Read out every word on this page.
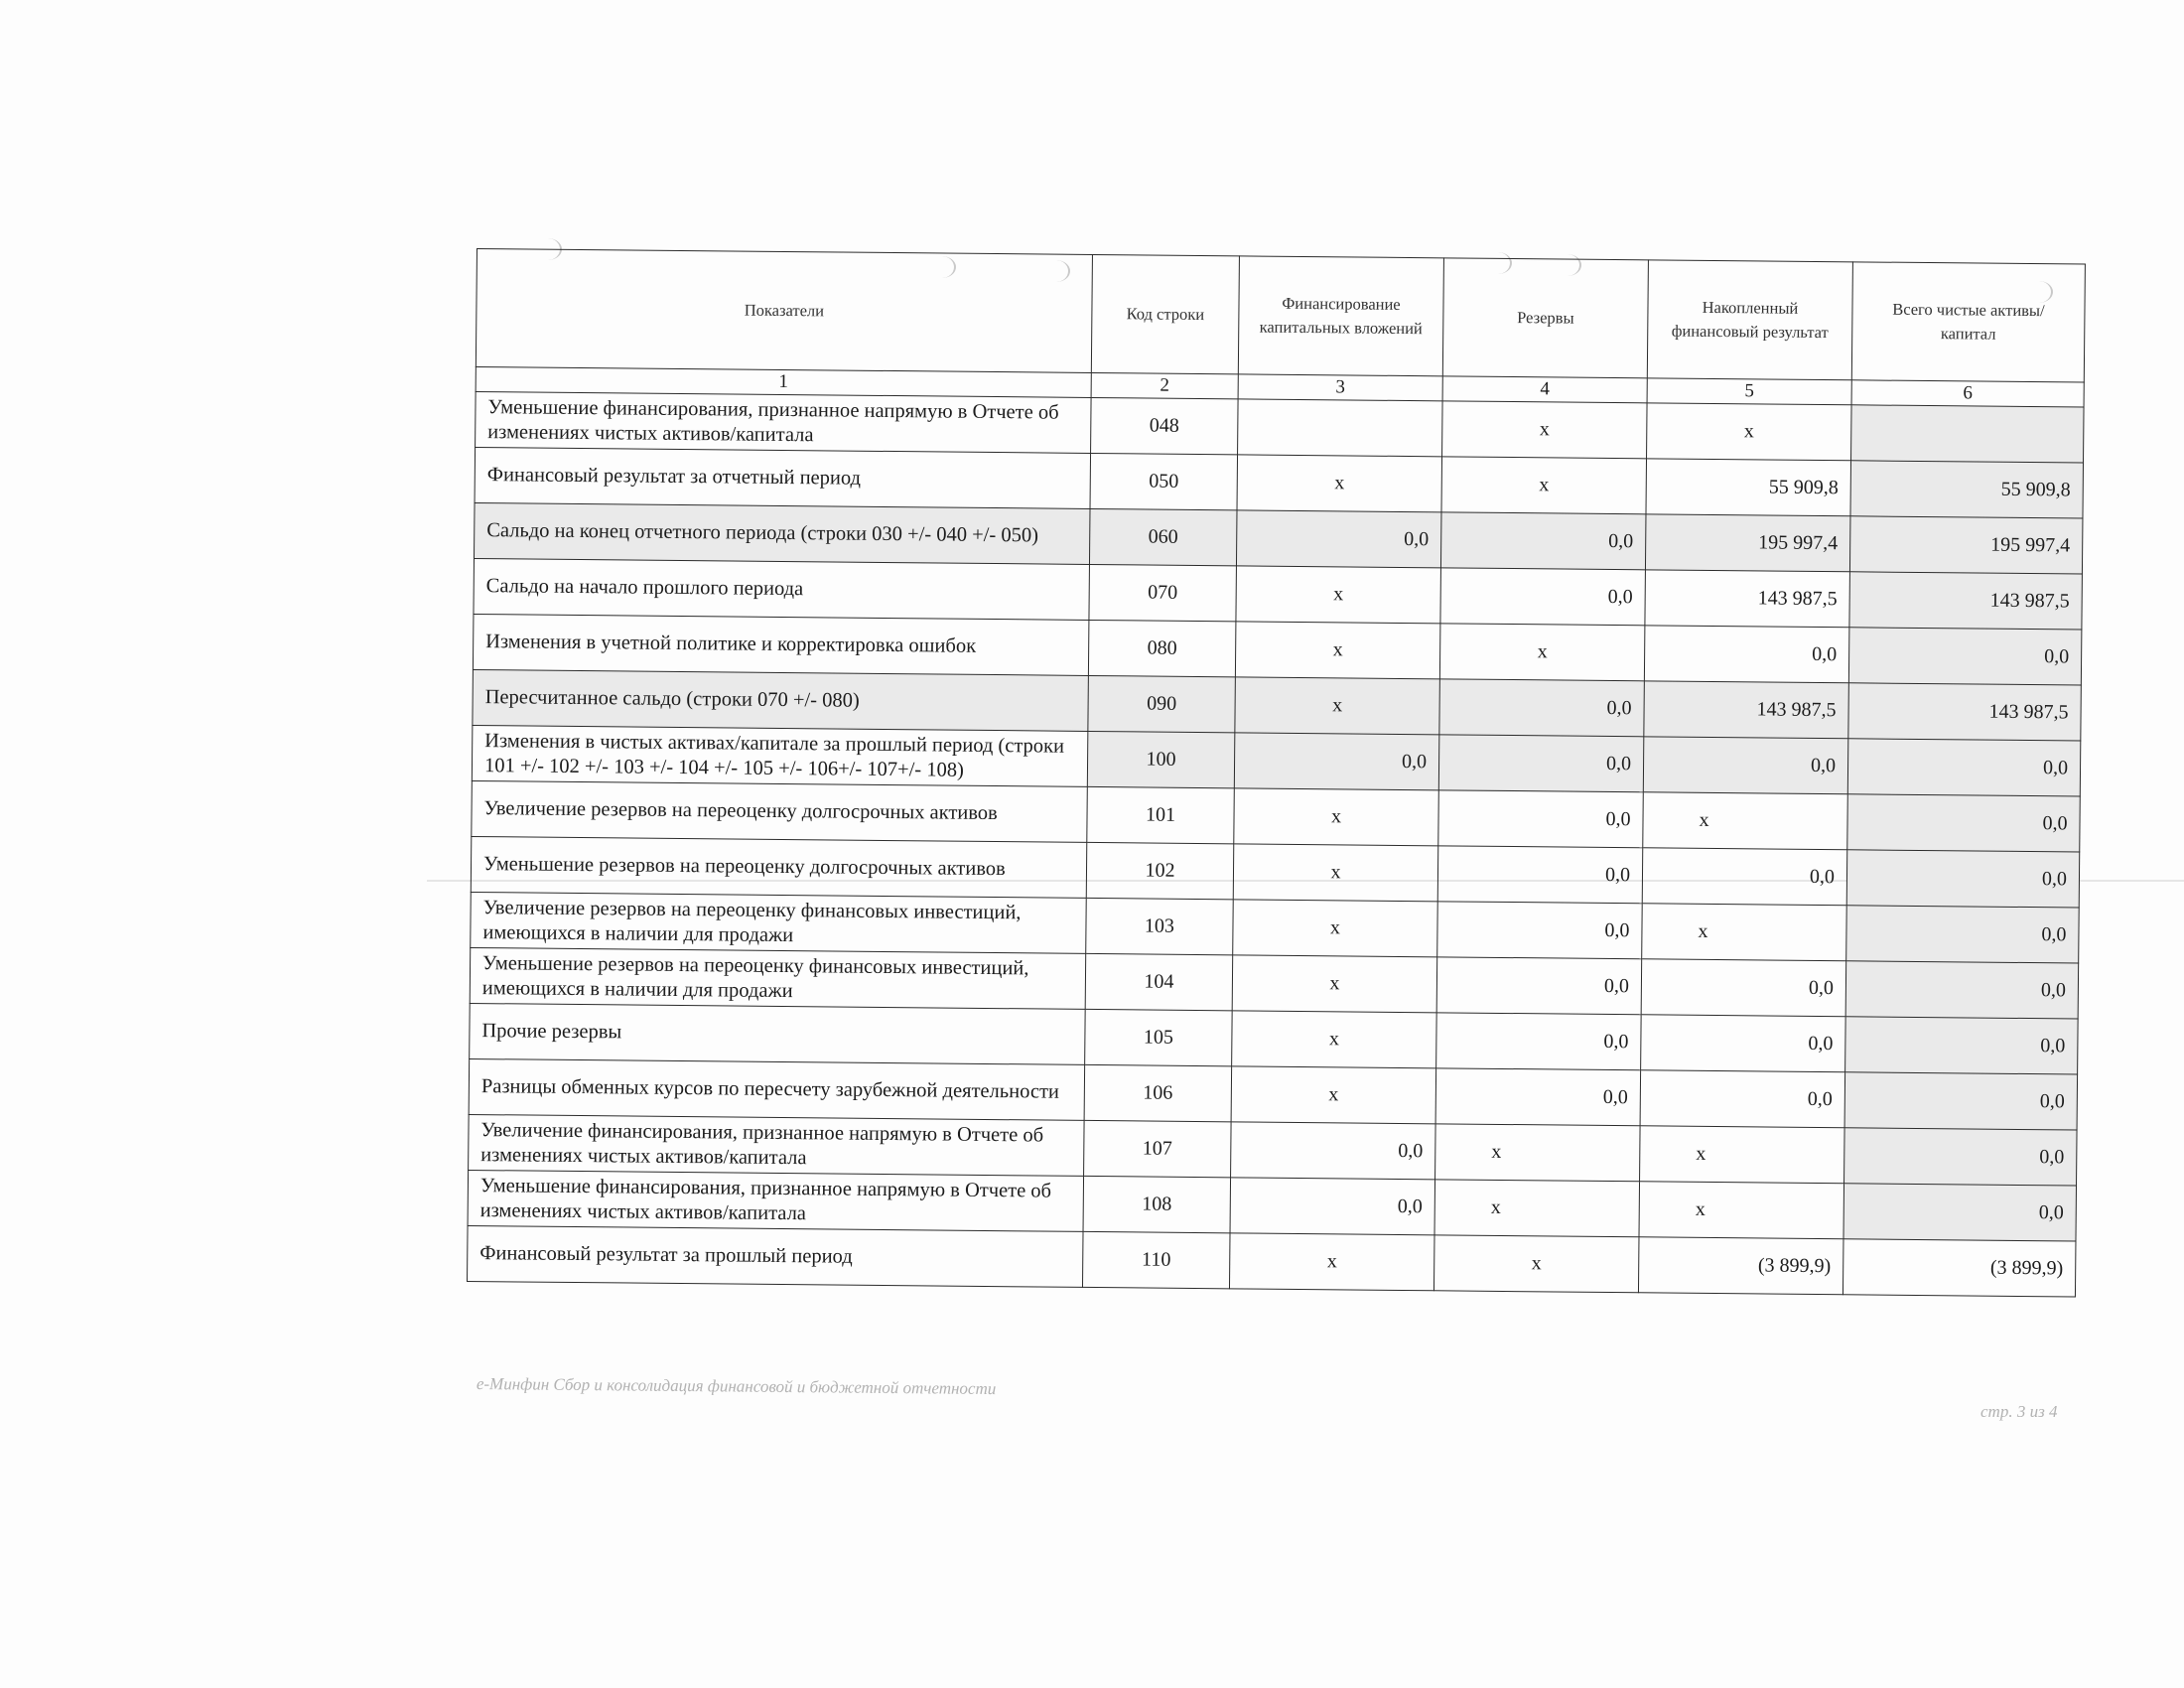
Показатели	Код строки	Финансирование капитальных вложений	Резервы	Накопленный финансовый результат	Всего чистые активы/ капитал
1	2	3	4	5	6
Уменьшение финансирования, признанное напрямую в Отчете об изменениях чистых активов/капитала	048		x	x	
Финансовый результат за отчетный период	050	x	x	55 909,8	55 909,8
Сальдо на конец отчетного периода (строки 030 +/- 040 +/- 050)	060	0,0	0,0	195 997,4	195 997,4
Сальдо на начало прошлого периода	070	x	0,0	143 987,5	143 987,5
Изменения в учетной политике и корректировка ошибок	080	x	x	0,0	0,0
Пересчитанное сальдо (строки 070 +/- 080)	090	x	0,0	143 987,5	143 987,5
Изменения в чистых активах/капитале за прошлый период (строки 101 +/- 102 +/- 103 +/- 104 +/- 105 +/- 106+/- 107+/- 108)	100	0,0	0,0	0,0	0,0
Увеличение резервов на переоценку долгосрочных активов	101	x	0,0	x	0,0
Уменьшение резервов на переоценку долгосрочных активов	102	x	0,0	0,0	0,0
Увеличение резервов на переоценку финансовых инвестиций, имеющихся в наличии для продажи	103	x	0,0	x	0,0
Уменьшение резервов на переоценку финансовых инвестиций, имеющихся в наличии для продажи	104	x	0,0	0,0	0,0
Прочие резервы	105	x	0,0	0,0	0,0
Разницы обменных курсов по пересчету зарубежной деятельности	106	x	0,0	0,0	0,0
Увеличение финансирования, признанное напрямую в Отчете об изменениях чистых активов/капитала	107	0,0	x	x	0,0
Уменьшение финансирования, признанное напрямую в Отчете об изменениях чистых активов/капитала	108	0,0	x	x	0,0
Финансовый результат за прошлый период	110	x	x	(3 899,9)	(3 899,9)
е-Минфин Сбор и консолидация финансовой и бюджетной отчетности
стр. 3 из 4
